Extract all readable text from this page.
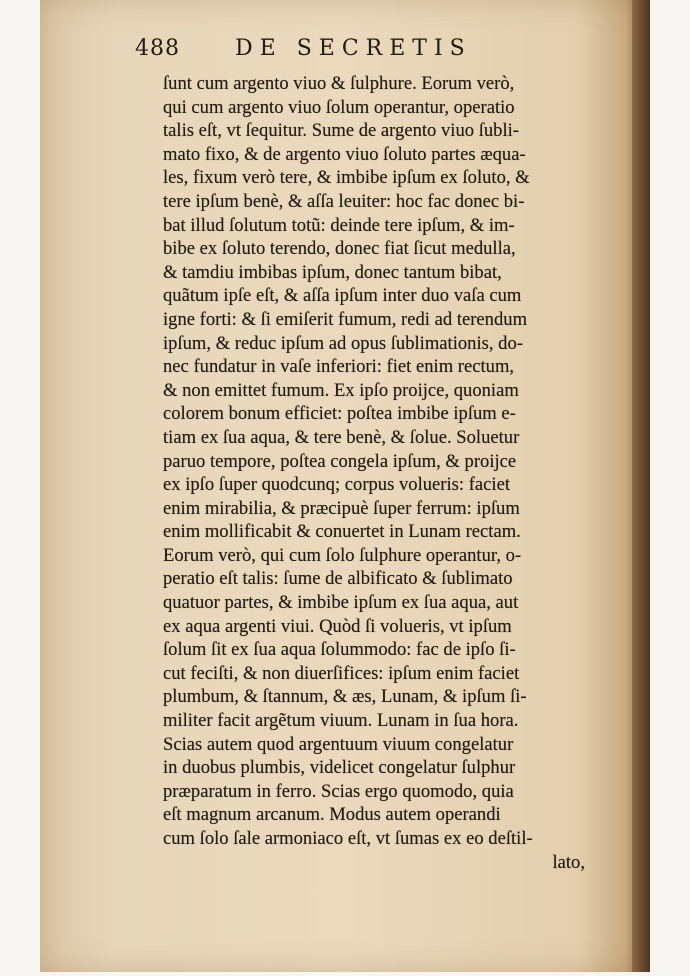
488	DE SECRETIS
ſunt cum argento viuo & ſulphure. Eorum verò,
qui cum argento viuo ſolum operantur, operatio
talis eſt, vt ſequitur. Sume de argento viuo ſubli-
mato fixo, & de argento viuo ſoluto partes æqua-
les, fixum verò tere, & imbibe ipſum ex ſoluto, &
tere ipſum benè, & aſſa leuiter: hoc fac donec bi-
bat illud ſolutum totũ: deinde tere ipſum, & im-
bibe ex ſoluto terendo, donec fiat ſicut medulla,
& tamdiu imbibas ipſum, donec tantum bibat,
quãtum ipſe eſt, & aſſa ipſum inter duo vaſa cum
igne forti: & ſi emiſerit fumum, redi ad terendum
ipſum, & reduc ipſum ad opus ſublimationis, do-
nec fundatur in vaſe inferiori: fiet enim rectum,
& non emittet fumum. Ex ipſo proijce, quoniam
colorem bonum efficiet: poſtea imbibe ipſum e-
tiam ex ſua aqua, & tere benè, & ſolue. Soluetur
paruo tempore, poſtea congela ipſum, & proijce
ex ipſo ſuper quodcunq; corpus volueris: faciet
enim mirabilia, & præcipuè ſuper ferrum: ipſum
enim mollificabit & conuertet in Lunam rectam.
Eorum verò, qui cum ſolo ſulphure operantur, o-
peratio eſt talis: ſume de albificato & ſublimato
quatuor partes, & imbibe ipſum ex ſua aqua, aut
ex aqua argenti viui. Quòd ſi volueris, vt ipſum
ſolum ſit ex ſua aqua ſolummodo: fac de ipſo ſi-
cut feciſti, & non diuerſifices: ipſum enim faciet
plumbum, & ſtannum, & æs, Lunam, & ipſum ſi-
militer facit argẽtum viuum. Lunam in ſua hora.
Scias autem quod argentuum viuum congelatur
in duobus plumbis, videlicet congelatur ſulphur
præparatum in ferro. Scias ergo quomodo, quia
eſt magnum arcanum. Modus autem operandi
cum ſolo ſale armoniaco eſt, vt ſumas ex eo deſtil-
lato,
